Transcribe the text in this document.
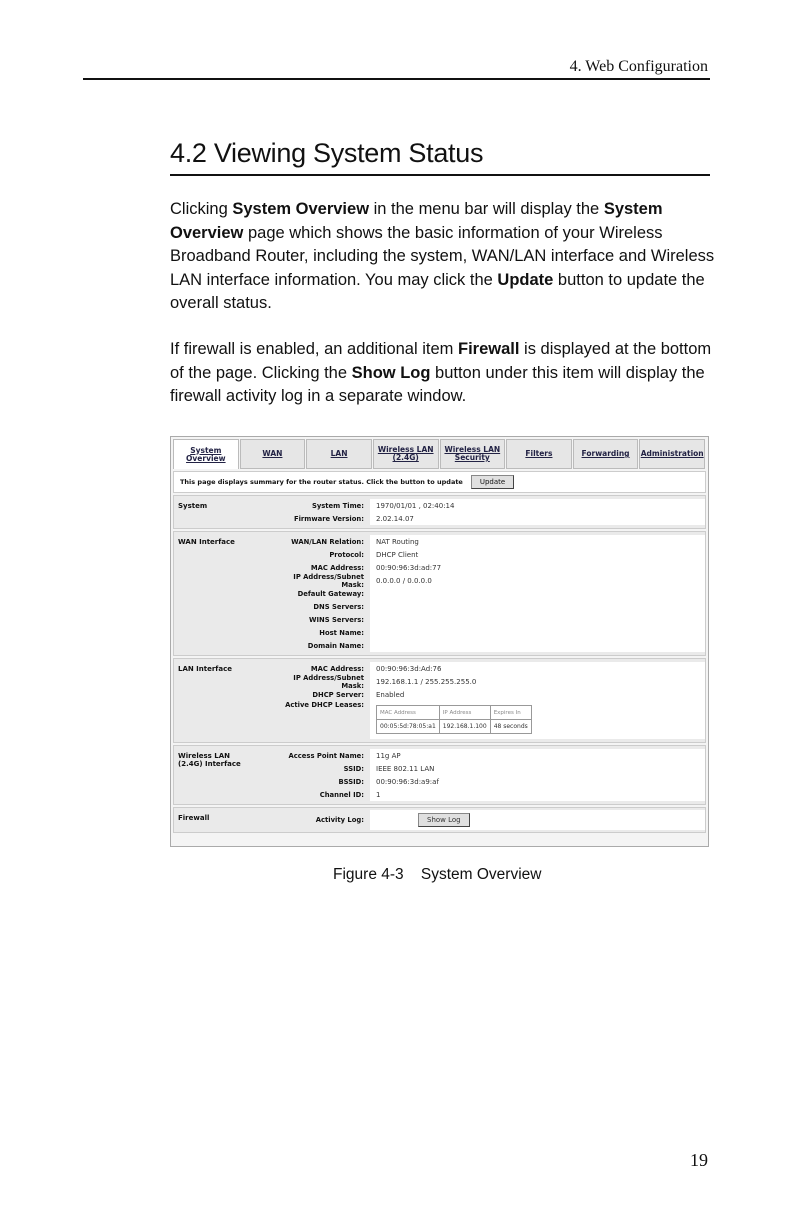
4. Web Configuration
4.2 Viewing System Status

Clicking System Overview in the menu bar will display the System Overview page which shows the basic information of your Wireless Broadband Router, including the system, WAN/LAN interface and Wireless LAN interface information. You may click the Update button to update the overall status.

If firewall is enabled, an additional item Firewall is displayed at the bottom of the page. Clicking the Show Log button under this item will display the firewall activity log in a separate window.

System
Overview	WAN	LAN	Wireless LAN
(2.4G)
Wireless LAN
Security	Filters	Forwarding Administration
This page displays summary for the router status. Click the button to update	Update
System	System Time:	1970/01/01 , 02:40:14
Firmware Version:	2.02.14.07
WAN Interface	WAN/LAN Relation:	NAT Routing
Protocol:	DHCP Client
MAC Address:	00:90:96:3d:ad:77
IP Address/Subnet Mask:	0.0.0.0 / 0.0.0.0
Default Gateway:
DNS Servers:
WINS Servers:
Host Name:
Domain Name:
LAN Interface	MAC Address:	00:90:96:3d:Ad:76
IP Address/Subnet Mask:	192.168.1.1 / 255.255.255.0
DHCP Server:	Enabled
Active DHCP Leases:
MAC Address	IP Address	Expires In
00:05:5d:78:05:a1	192.168.1.100	48 seconds
Wireless LAN
(2.4G) Interface
Access Point Name:	11g AP
SSID:	IEEE 802.11 LAN
BSSID:	00:90:96:3d:a9:af
Channel ID:	1
Firewall	Activity Log:	Show Log
Figure 4-3    System Overview
19
